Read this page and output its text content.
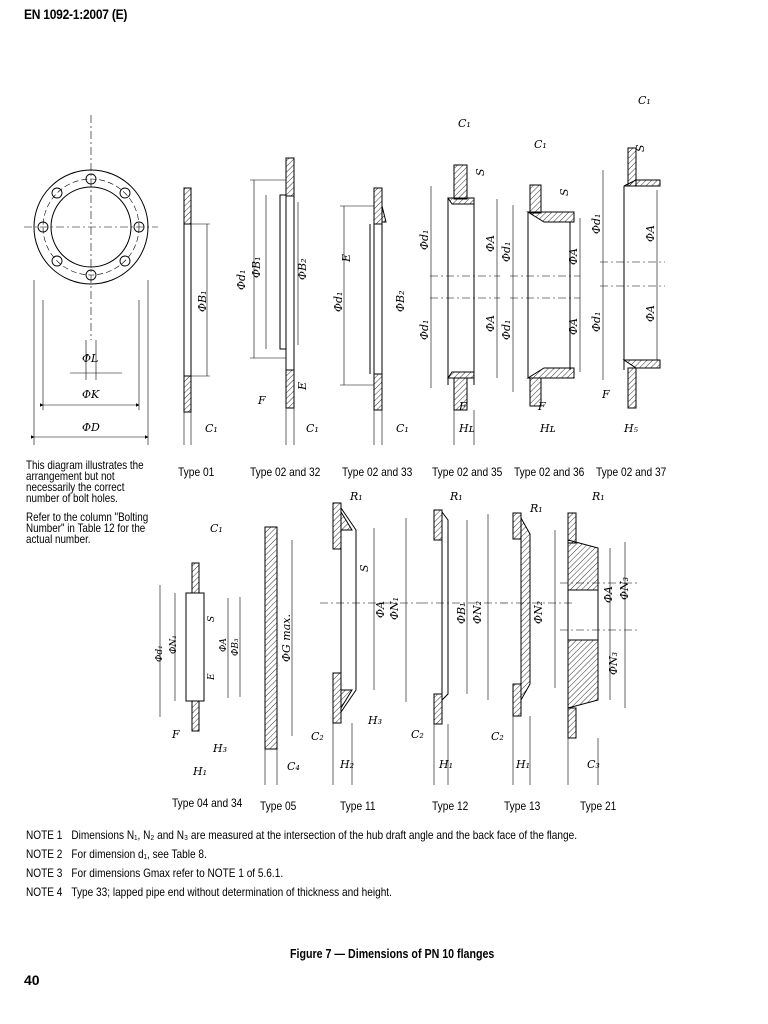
EN 1092-1:2007 (E)
ΦL
ΦK
ΦD	C₁	C₁	C₁
F
C₁
C₁
C₁
F	F
F
Hʟ	Hʟ	H₅
R₁	R₁
R₁
R₁
C₁
F
H₃
H₁	C₄
H₃
C₂
H₂
C₂
H₁
C₂
H₁	C₃
ΦB₁
Φd₁
ΦB₁	ΦB₂
E
Φd₁
E
ΦB₂
Φd₁
Φd₁
ΦA
ΦA
S
Φd₁
Φd₁
ΦA
ΦA
S
Φd₁
Φd₁
ΦA
ΦA
S
Φd₁ ΦN₁
S
E
ΦA ΦB₃	ΦG max.
S
ΦA ΦN₁	ΦB₁ ΦN₂	ΦN₂
ΦA ΦN₃
ΦN₃

This diagram illustrates the arrangement but not necessarily the correct number of bolt holes.

Refer to the column "Bolting Number" in Table 12 for the actual number.

Type 01	Type 02 and 32 Type 02 and 33 Type 02 and 35 Type 02 and 36 Type 02 and 37
Type 04 and 34 Type 05	Type 11	Type 12	Type 13	Type 21
NOTE 1 Dimensions N₁, N₂ and N₃ are measured at the intersection of the hub draft angle and the back face of the flange.
NOTE 2 For dimension d₁, see Table 8.
NOTE 3 For dimensions Gmax refer to NOTE 1 of 5.6.1.
NOTE 4 Type 33; lapped pipe end without determination of thickness and height.
Figure 7 — Dimensions of PN 10 flanges
40
